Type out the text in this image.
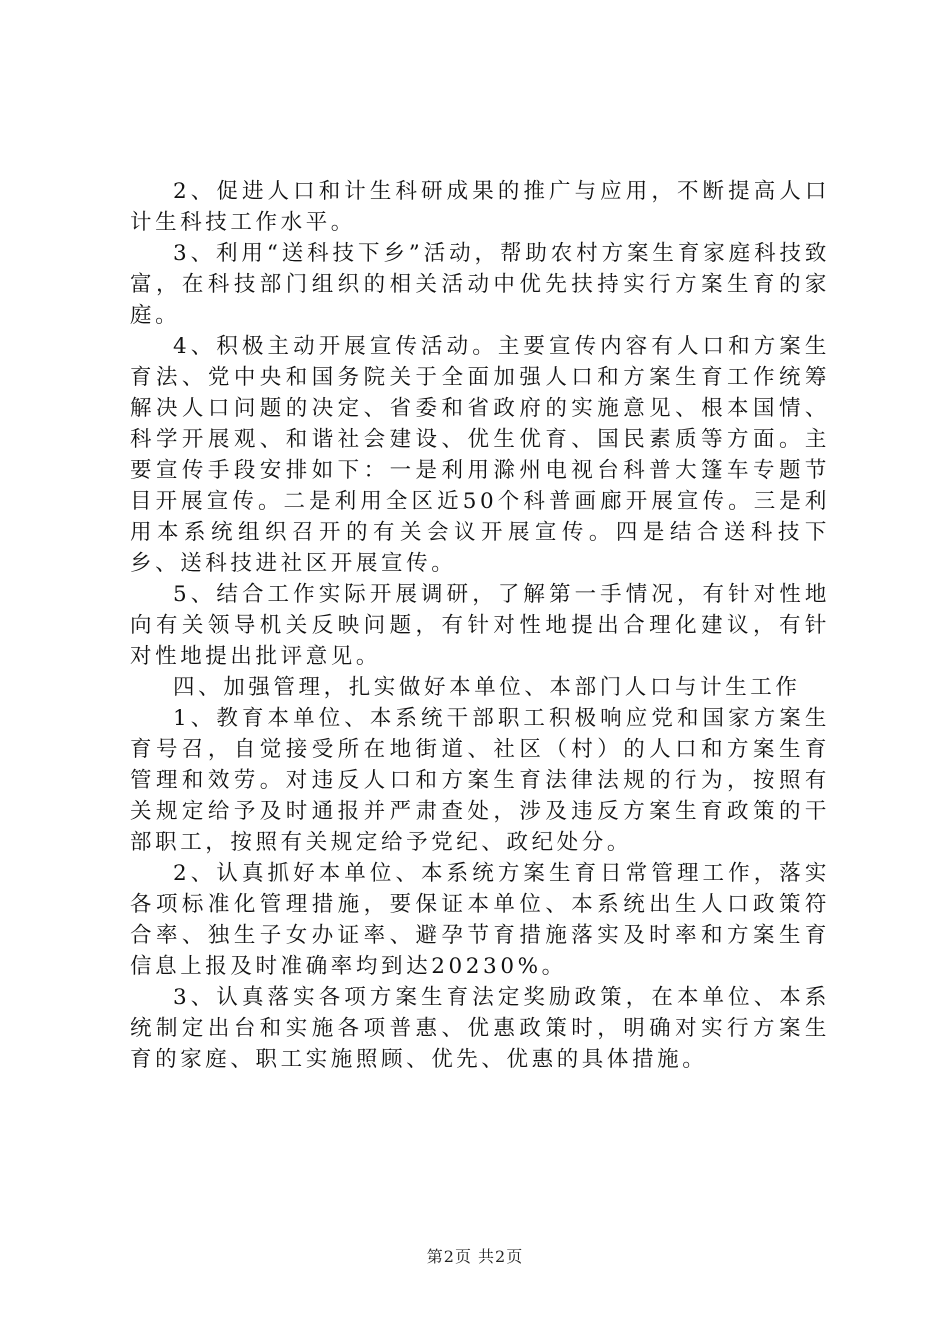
2、促进人口和计生科研成果的推广与应用，不断提高人口计生科技工作水平。

3、利用“送科技下乡”活动，帮助农村方案生育家庭科技致富，在科技部门组织的相关活动中优先扶持实行方案生育的家庭。

4、积极主动开展宣传活动。主要宣传内容有人口和方案生育法、党中央和国务院关于全面加强人口和方案生育工作统筹解决人口问题的决定、省委和省政府的实施意见、根本国情、科学开展观、和谐社会建设、优生优育、国民素质等方面。主要宣传手段安排如下：一是利用滁州电视台科普大篷车专题节目开展宣传。二是利用全区近50个科普画廊开展宣传。三是利用本系统组织召开的有关会议开展宣传。四是结合送科技下乡、送科技进社区开展宣传。

5、结合工作实际开展调研，了解第一手情况，有针对性地向有关领导机关反映问题，有针对性地提出合理化建议，有针对性地提出批评意见。

四、加强管理，扎实做好本单位、本部门人口与计生工作

1、教育本单位、本系统干部职工积极响应党和国家方案生育号召，自觉接受所在地街道、社区（村）的人口和方案生育管理和效劳。对违反人口和方案生育法律法规的行为，按照有关规定给予及时通报并严肃查处，涉及违反方案生育政策的干部职工，按照有关规定给予党纪、政纪处分。

2、认真抓好本单位、本系统方案生育日常管理工作，落实各项标准化管理措施，要保证本单位、本系统出生人口政策符合率、独生子女办证率、避孕节育措施落实及时率和方案生育信息上报及时准确率均到达20230%。

3、认真落实各项方案生育法定奖励政策，在本单位、本系统制定出台和实施各项普惠、优惠政策时，明确对实行方案生育的家庭、职工实施照顾、优先、优惠的具体措施。

第2页 共2页
